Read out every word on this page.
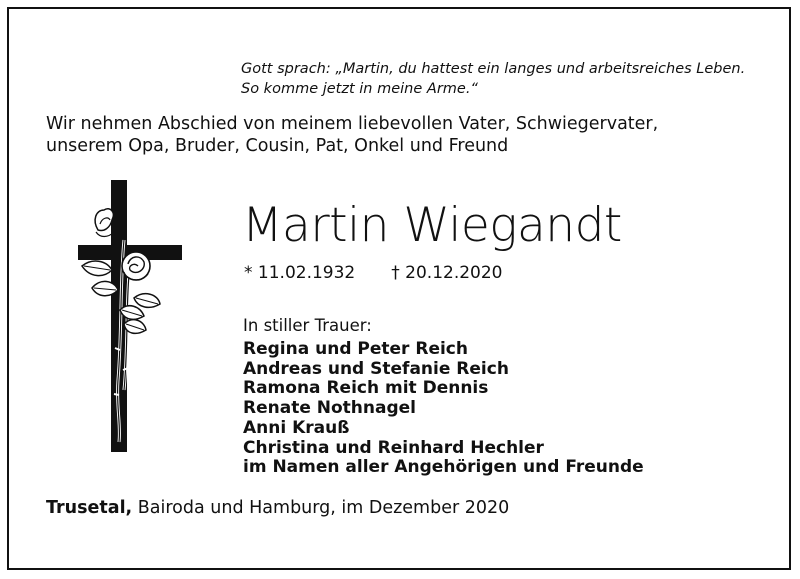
Gott sprach: „Martin, du hattest ein langes und arbeitsreiches Leben.
So komme jetzt in meine Arme.“
Wir nehmen Abschied von meinem liebevollen Vater, Schwiegervater,
unserem Opa, Bruder, Cousin, Pat, Onkel und Freund
Martin Wiegandt
* 11.02.1932 † 20.12.2020
In stiller Trauer:
Regina und Peter Reich
Andreas und Stefanie Reich
Ramona Reich mit Dennis
Renate Nothnagel
Anni Krauß
Christina und Reinhard Hechler
im Namen aller Angehörigen und Freunde
Trusetal, Bairoda und Hamburg, im Dezember 2020
